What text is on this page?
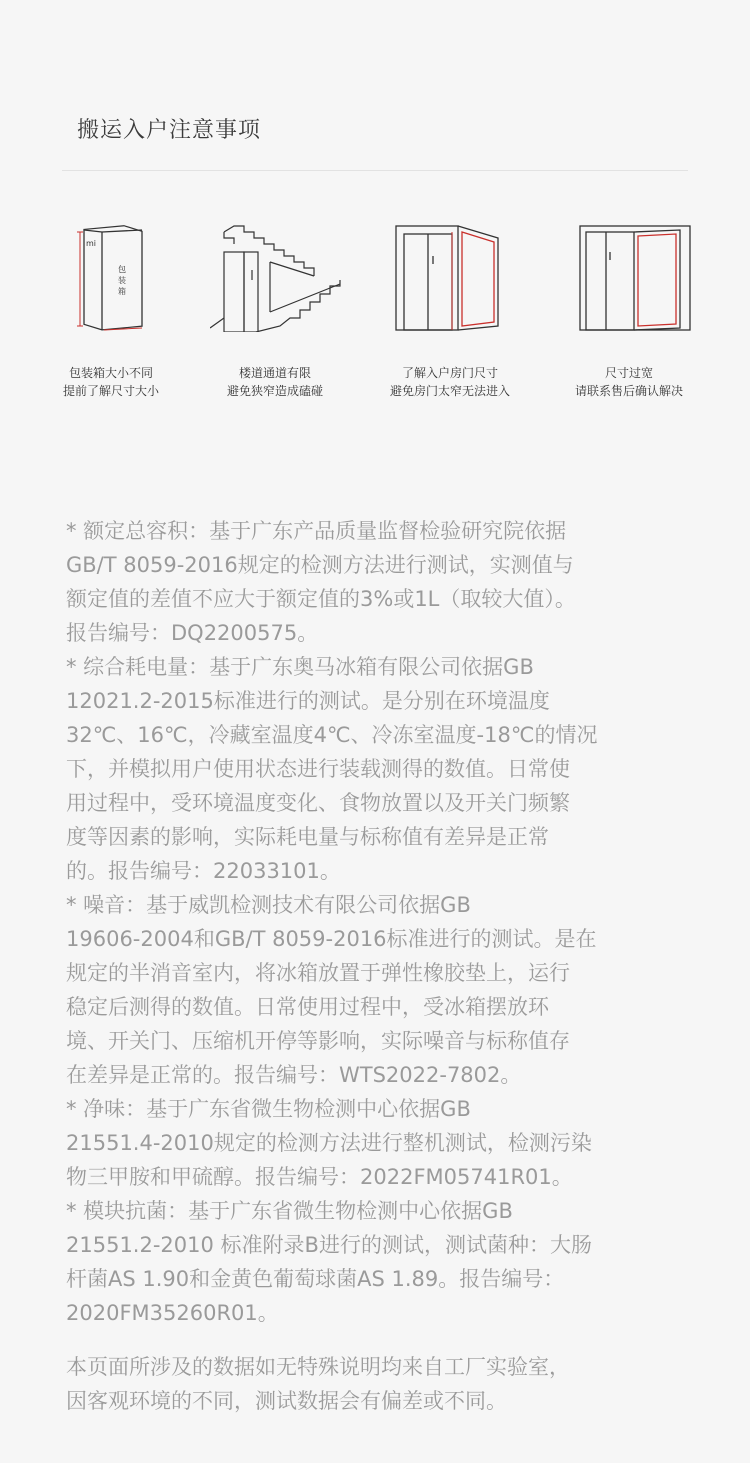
搬运入户注意事项
mi
包
装
箱
包装箱大小不同
提前了解尺寸大小
楼道通道有限
避免狭窄造成磕碰
了解入户房门尺寸
避免房门太窄无法进入
尺寸过宽
请联系售后确认解决

* 额定总容积：基于广东产品质量监督检验研究院依据
GB/T 8059-2016规定的检测方法进行测试，实测值与
额定值的差值不应大于额定值的3%或1L（取较大值）。
报告编号：DQ2200575。

* 综合耗电量：基于广东奥马冰箱有限公司依据GB
12021.2-2015标准进行的测试。是分别在环境温度
32℃、16℃，冷藏室温度4℃、冷冻室温度-18℃的情况
下，并模拟用户使用状态进行装载测得的数值。日常使
用过程中，受环境温度变化、食物放置以及开关门频繁
度等因素的影响，实际耗电量与标称值有差异是正常
的。报告编号：22033101。

* 噪音：基于威凯检测技术有限公司依据GB
19606-2004和GB/T 8059-2016标准进行的测试。是在
规定的半消音室内，将冰箱放置于弹性橡胶垫上，运行
稳定后测得的数值。日常使用过程中，受冰箱摆放环
境、开关门、压缩机开停等影响，实际噪音与标称值存
在差异是正常的。报告编号：WTS2022-7802。

* 净味：基于广东省微生物检测中心依据GB
21551.4-2010规定的检测方法进行整机测试，检测污染
物三甲胺和甲硫醇。报告编号：2022FM05741R01。

* 模块抗菌：基于广东省微生物检测中心依据GB
21551.2-2010 标准附录B进行的测试，测试菌种：大肠
杆菌AS 1.90和金黄色葡萄球菌AS 1.89。报告编号：
2020FM35260R01。

本页面所涉及的数据如无特殊说明均来自工厂实验室，
因客观环境的不同，测试数据会有偏差或不同。
